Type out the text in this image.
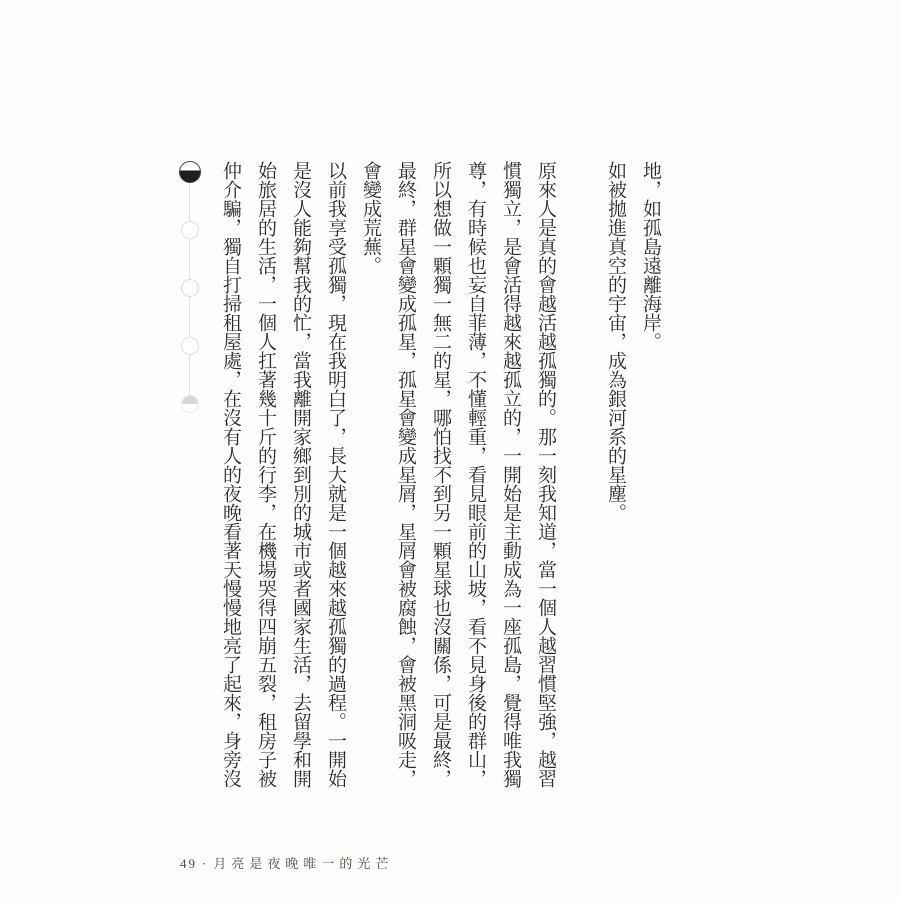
地，如孤島遠離海岸。

如被拋進真空的宇宙，成為銀河系的星塵。

原來人是真的會越活越孤獨的。那一刻我知道，當一個人越習慣堅強，越習慣獨立，是會活得越來越孤立的，一開始是主動成為一座孤島，覺得唯我獨尊，有時候也妄自菲薄，不懂輕重，看見眼前的山坡，看不見身後的群山，所以想做一顆獨一無二的星，哪怕找不到另一顆星球也沒關係，可是最終，最終，群星會變成孤星，孤星會變成星屑，星屑會被腐蝕，會被黑洞吸走，會變成荒蕪。

以前我享受孤獨，現在我明白了，長大就是一個越來越孤獨的過程。一開始是沒人能夠幫我的忙，當我離開家鄉到別的城市或者國家生活，去留學和開始旅居的生活，一個人扛著幾十斤的行李，在機場哭得四崩五裂，租房子被仲介騙，獨自打掃租屋處，在沒有人的夜晚看著天慢慢地亮了起來，身旁沒

49 · 月亮是夜晚唯一的光芒
